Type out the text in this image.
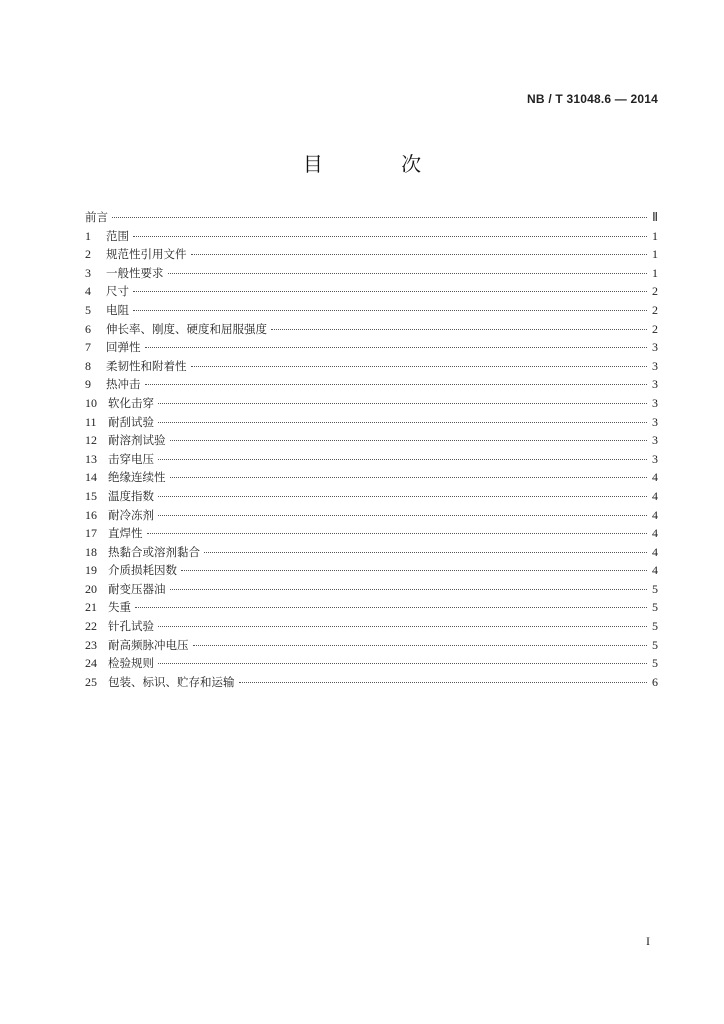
NB / T 31048.6 — 2014
目 次
前言	Ⅱ
1	范围	1
2	规范性引用文件	1
3	一般性要求	1
4	尺寸	2
5	电阻	2
6	伸长率、刚度、硬度和屈服强度	2
7	回弹性	3
8	柔韧性和附着性	3
9	热冲击	3
10 软化击穿	3
11 耐刮试验	3
12 耐溶剂试验	3
13 击穿电压	3
14 绝缘连续性	4
15 温度指数	4
16 耐冷冻剂	4
17 直焊性	4
18 热黏合或溶剂黏合	4
19 介质损耗因数	4
20 耐变压器油	5
21 失重	5
22 针孔试验	5
23 耐高频脉冲电压	5
24 检验规则	5
25 包装、标识、贮存和运输	6
I
